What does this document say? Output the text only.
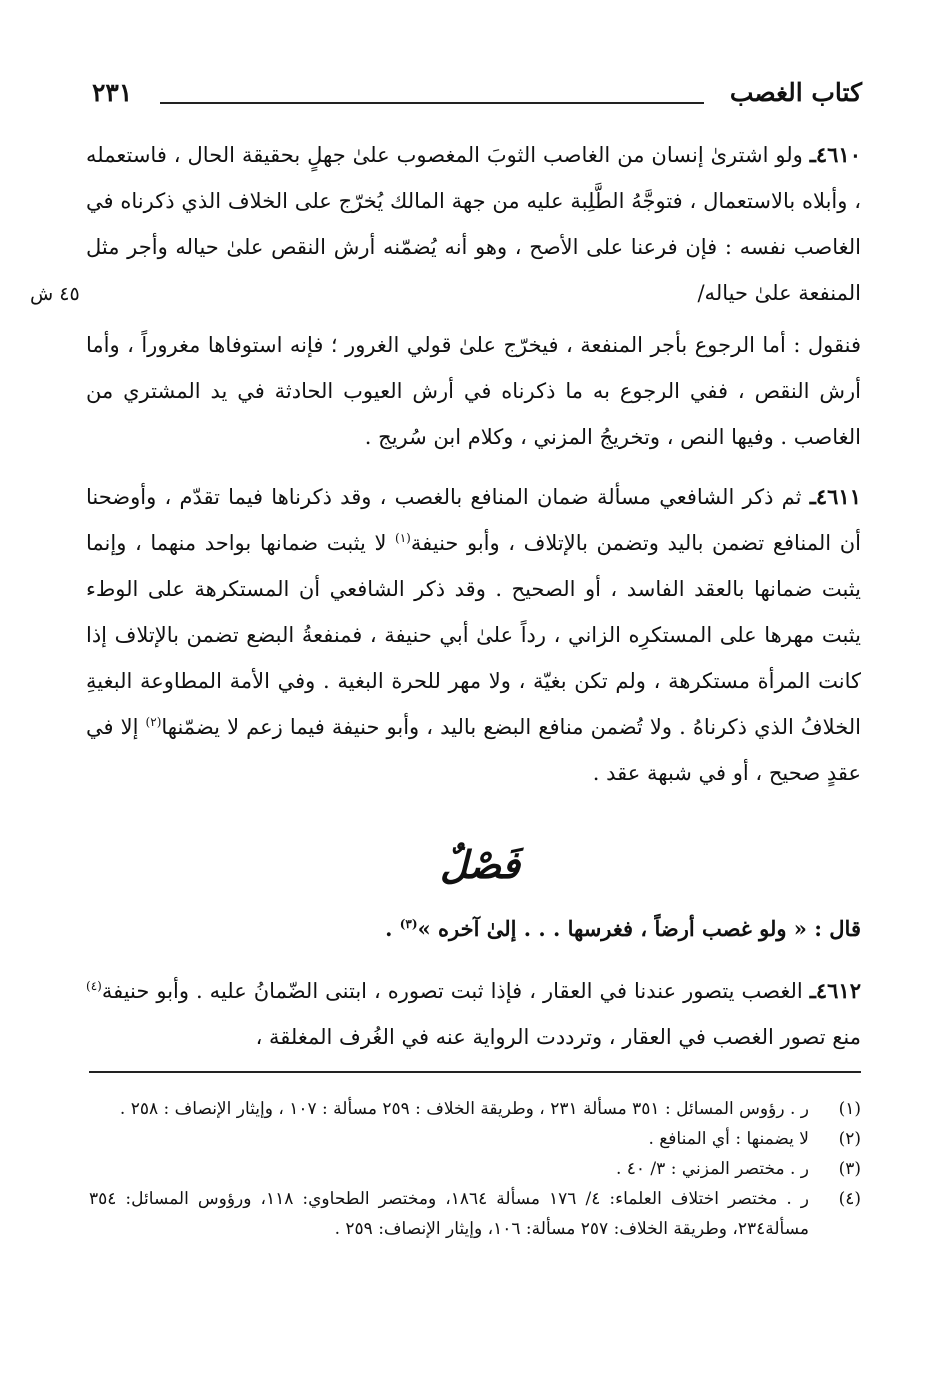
كتاب الغصب
٢٣١
٤٥ ش

٤٦١٠ـ ولو اشترىٰ إنسان من الغاصب الثوبَ المغصوب علىٰ جهلٍ بحقيقة الحال ، فاستعمله ، وأبلاه بالاستعمال ، فتوجَّهُ الطَّلِبة عليه من جهة المالك يُخرّج على الخلاف الذي ذكرناه في الغاصب نفسه : فإن فرعنا على الأصح ، وهو أنه يُضمّنه أرش النقص علىٰ حياله وأجر مثل المنفعة علىٰ حياله/

فنقول : أما الرجوع بأجر المنفعة ، فيخرّج علىٰ قولي الغرور ؛ فإنه استوفاها مغروراً ، وأما أرش النقص ، ففي الرجوع به ما ذكرناه في أرش العيوب الحادثة في يد المشتري من الغاصب . وفيها النص ، وتخريجُ المزني ، وكلام ابن سُريج .

٤٦١١ـ ثم ذكر الشافعي مسألة ضمان المنافع بالغصب ، وقد ذكرناها فيما تقدّم ، وأوضحنا أن المنافع تضمن باليد وتضمن بالإتلاف ، وأبو حنيفة$^{(١)}$ لا يثبت ضمانها بواحد منهما ، وإنما يثبت ضمانها بالعقد الفاسد ، أو الصحيح . وقد ذكر الشافعي أن المستكرهة على الوطء يثبت مهرها على المستكرِه الزاني ، رداً علىٰ أبي حنيفة ، فمنفعةُ البضع تضمن بالإتلاف إذا كانت المرأة مستكرهة ، ولم تكن بغيّة ، ولا مهر للحرة البغية . وفي الأمة المطاوعة البغيةِ الخلافُ الذي ذكرناهُ . ولا تُضمن منافع البضع باليد ، وأبو حنيفة فيما زعم لا يضمّنها$^{(٢)}$ إلا في عقدٍ صحيح ، أو في شبهة عقد .

فَصْلٌ

قال : « ولو غصب أرضاً ، فغرسها . . . إلىٰ آخره »$^{(٣)}$ .

٤٦١٢ـ الغصب يتصور عندنا في العقار ، فإذا ثبت تصوره ، ابتنى الضّمانُ عليه . وأبو حنيفة$^{(٤)}$ منع تصور الغصب في العقار ، وترددت الرواية عنه في الغُرف المغلقة ،

(١)
ر . رؤوس المسائل : ٣٥١ مسألة ٢٣١ ، وطريقة الخلاف : ٢٥٩ مسألة : ١٠٧ ، وإيثار الإنصاف : ٢٥٨ .
(٢)
لا يضمنها : أي المنافع .
(٣)
ر . مختصر المزني : ٣/ ٤٠ .
(٤)
ر . مختصر اختلاف العلماء: ٤/ ١٧٦ مسألة ١٨٦٤، ومختصر الطحاوي: ١١٨، ورؤوس المسائل: ٣٥٤ مسألة٢٣٤، وطريقة الخلاف: ٢٥٧ مسألة: ١٠٦، وإيثار الإنصاف: ٢٥٩ .
